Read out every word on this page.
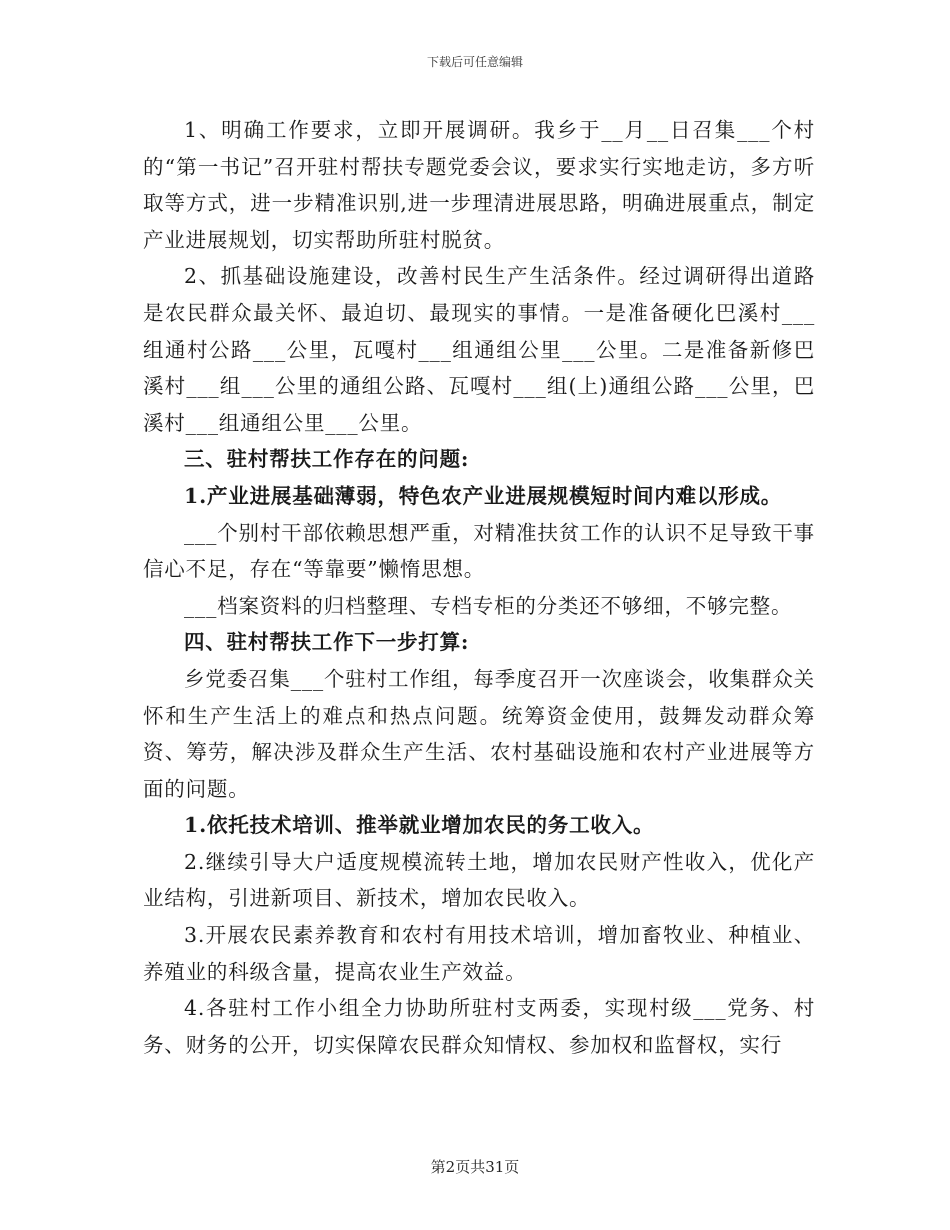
下载后可任意编辑

1、明确工作要求，立即开展调研。我乡于__月__日召集___个村的“第一书记”召开驻村帮扶专题党委会议，要求实行实地走访，多方听取等方式，进一步精准识别,进一步理清进展思路，明确进展重点，制定产业进展规划，切实帮助所驻村脱贫。

2、抓基础设施建设，改善村民生产生活条件。经过调研得出道路是农民群众最关怀、最迫切、最现实的事情。一是准备硬化巴溪村___组通村公路___公里，瓦嘎村___组通组公里___公里。二是准备新修巴溪村___组___公里的通组公路、瓦嘎村___组(上)通组公路___公里，巴溪村___组通组公里___公里。

三、驻村帮扶工作存在的问题:

1.产业进展基础薄弱，特色农产业进展规模短时间内难以形成。

___个别村干部依赖思想严重，对精准扶贫工作的认识不足导致干事信心不足，存在“等靠要”懒惰思想。

___档案资料的归档整理、专档专柜的分类还不够细，不够完整。

四、驻村帮扶工作下一步打算:

乡党委召集___个驻村工作组，每季度召开一次座谈会，收集群众关怀和生产生活上的难点和热点问题。统筹资金使用，鼓舞发动群众筹资、筹劳，解决涉及群众生产生活、农村基础设施和农村产业进展等方面的问题。

1.依托技术培训、推举就业增加农民的务工收入。

2.继续引导大户适度规模流转土地，增加农民财产性收入，优化产业结构，引进新项目、新技术，增加农民收入。

3.开展农民素养教育和农村有用技术培训，增加畜牧业、种植业、养殖业的科级含量，提高农业生产效益。

4.各驻村工作小组全力协助所驻村支两委，实现村级___党务、村务、财务的公开，切实保障农民群众知情权、参加权和监督权，实行

第2页共31页
